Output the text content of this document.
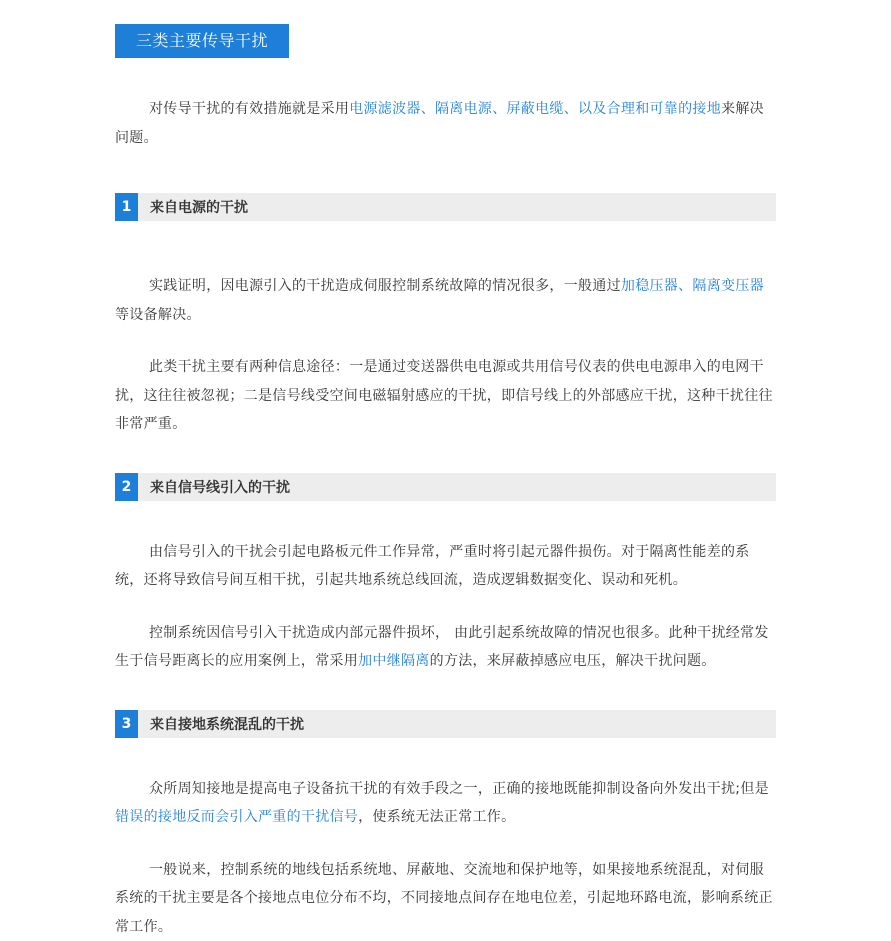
三类主要传导干扰

对传导干扰的有效措施就是采用电源滤波器、隔离电源、屏蔽电缆、以及合理和可靠的接地来解决问题。

1	来自电源的干扰

实践证明，因电源引入的干扰造成伺服控制系统故障的情况很多，一般通过加稳压器、隔离变压器等设备解决。

此类干扰主要有两种信息途径：一是通过变送器供电电源或共用信号仪表的供电电源串入的电网干扰，这往往被忽视；二是信号线受空间电磁辐射感应的干扰，即信号线上的外部感应干扰，这种干扰往往非常严重。

2	来自信号线引入的干扰

由信号引入的干扰会引起电路板元件工作异常，严重时将引起元器件损伤。对于隔离性能差的系统，还将导致信号间互相干扰，引起共地系统总线回流，造成逻辑数据变化、误动和死机。

控制系统因信号引入干扰造成内部元器件损坏， 由此引起系统故障的情况也很多。此种干扰经常发生于信号距离长的应用案例上，常采用加中继隔离的方法，来屏蔽掉感应电压，解决干扰问题。

3	来自接地系统混乱的干扰

众所周知接地是提高电子设备抗干扰的有效手段之一，正确的接地既能抑制设备向外发出干扰;但是错误的接地反而会引入严重的干扰信号，使系统无法正常工作。

一般说来，控制系统的地线包括系统地、屏蔽地、交流地和保护地等，如果接地系统混乱，对伺服系统的干扰主要是各个接地点电位分布不均，不同接地点间存在地电位差，引起地环路电流，影响系统正常工作。
